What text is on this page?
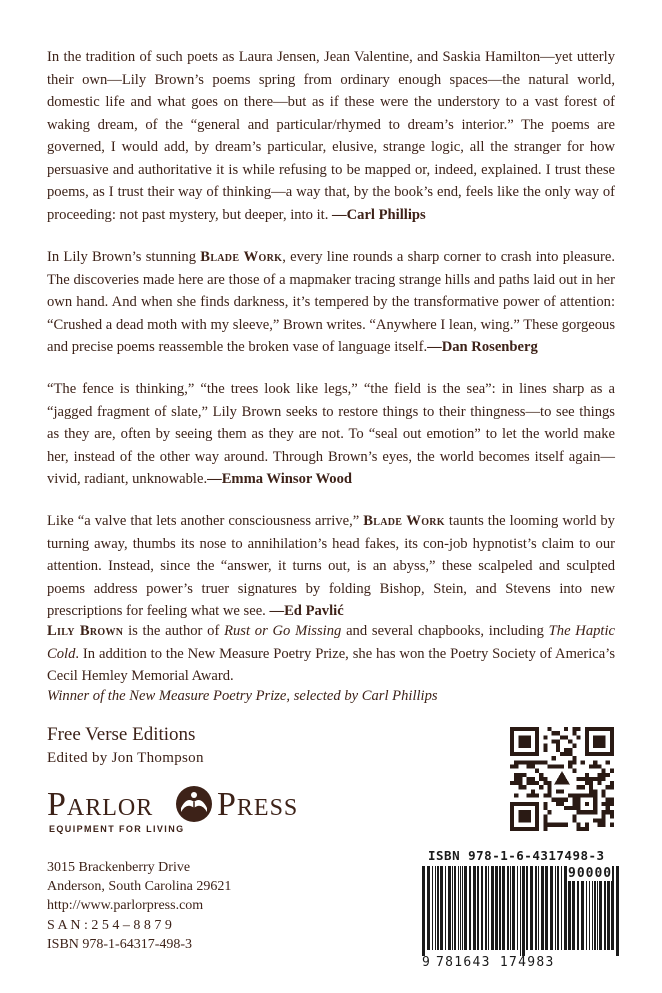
In the tradition of such poets as Laura Jensen, Jean Valentine, and Saskia Hamilton—yet utterly their own—Lily Brown’s poems spring from ordinary enough spaces—the natural world, domestic life and what goes on there—but as if these were the understory to a vast forest of waking dream, of the “general and particular/rhymed to dream’s interior.” The poems are governed, I would add, by dream’s particular, elusive, strange logic, all the stranger for how persuasive and authoritative it is while refusing to be mapped or, indeed, explained. I trust these poems, as I trust their way of thinking—a way that, by the book’s end, feels like the only way of proceeding: not past mystery, but deeper, into it. —Carl Phillips

In Lily Brown’s stunning Blade Work, every line rounds a sharp corner to crash into pleasure. The discoveries made here are those of a mapmaker tracing strange hills and paths laid out in her own hand. And when she finds darkness, it’s tempered by the transformative power of attention: “Crushed a dead moth with my sleeve,” Brown writes. “Anywhere I lean, wing.” These gorgeous and precise poems reassemble the broken vase of language itself.—Dan Rosenberg

“The fence is thinking,” “the trees look like legs,” “the field is the sea”: in lines sharp as a “jagged fragment of slate,” Lily Brown seeks to restore things to their thingness—to see things as they are, often by seeing them as they are not. To “seal out emotion” to let the world make her, instead of the other way around. Through Brown’s eyes, the world becomes itself again—vivid, radiant, unknowable.—Emma Winsor Wood

Like “a valve that lets another consciousness arrive,” Blade Work taunts the looming world by turning away, thumbs its nose to annihilation’s head fakes, its con-job hypnotist’s claim to our attention. Instead, since the “answer, it turns out, is an abyss,” these scalpeled and sculpted poems address power’s truer signatures by folding Bishop, Stein, and Stevens into new prescriptions for feeling what we see. —Ed Pavlić

Lily Brown is the author of Rust or Go Missing and several chapbooks, including The Haptic Cold. In addition to the New Measure Poetry Prize, she has won the Poetry Society of America’s Cecil Hemley Memorial Award.

Winner of the New Measure Poetry Prize, selected by Carl Phillips
Free Verse Editions
Edited by Jon Thompson
Parlor Press
EQUIPMENT FOR LIVING
3015 Brackenberry Drive
Anderson, South Carolina 29621
http://www.parlorpress.com
S A N : 2 5 4 – 8 8 7 9
ISBN 978-1-64317-498-3
ISBN 978-1-6-4317498-3
90000
9 781643 174983
